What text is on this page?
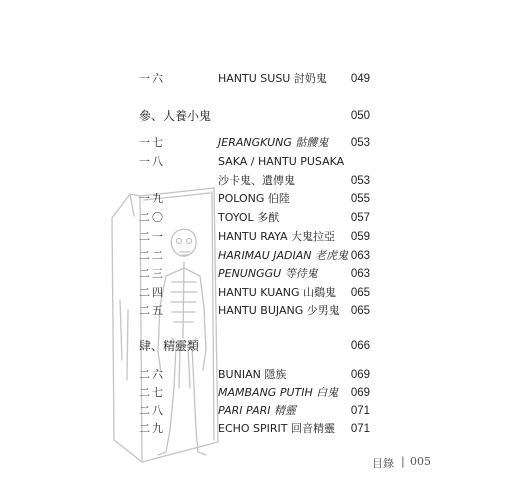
一六	HANTU SUSU 討奶鬼 049
參、人養小鬼	050
一七	JERANGKUNG 骷髏鬼 053
一八	SAKA / HANTU PUSAKA
沙卡鬼、遺傳鬼	053
一九	POLONG 伯陸	055
二〇	TOYOL 多猷	057
二一	HANTU RAYA 大鬼拉亞 059
二二	HARIMAU JADIAN 老虎鬼 063
二三	PENUNGGU 等待鬼	063
二四	HANTU KUANG 山鷄鬼 065
二五	HANTU BUJANG 少男鬼 065
肆、精靈類	066
二六	BUNIAN 隱族	069
二七	MAMBANG PUTIH 白鬼 069
二八	PARI PARI 精靈	071
二九	ECHO SPIRIT 回音精靈 071
目錄 | 005
